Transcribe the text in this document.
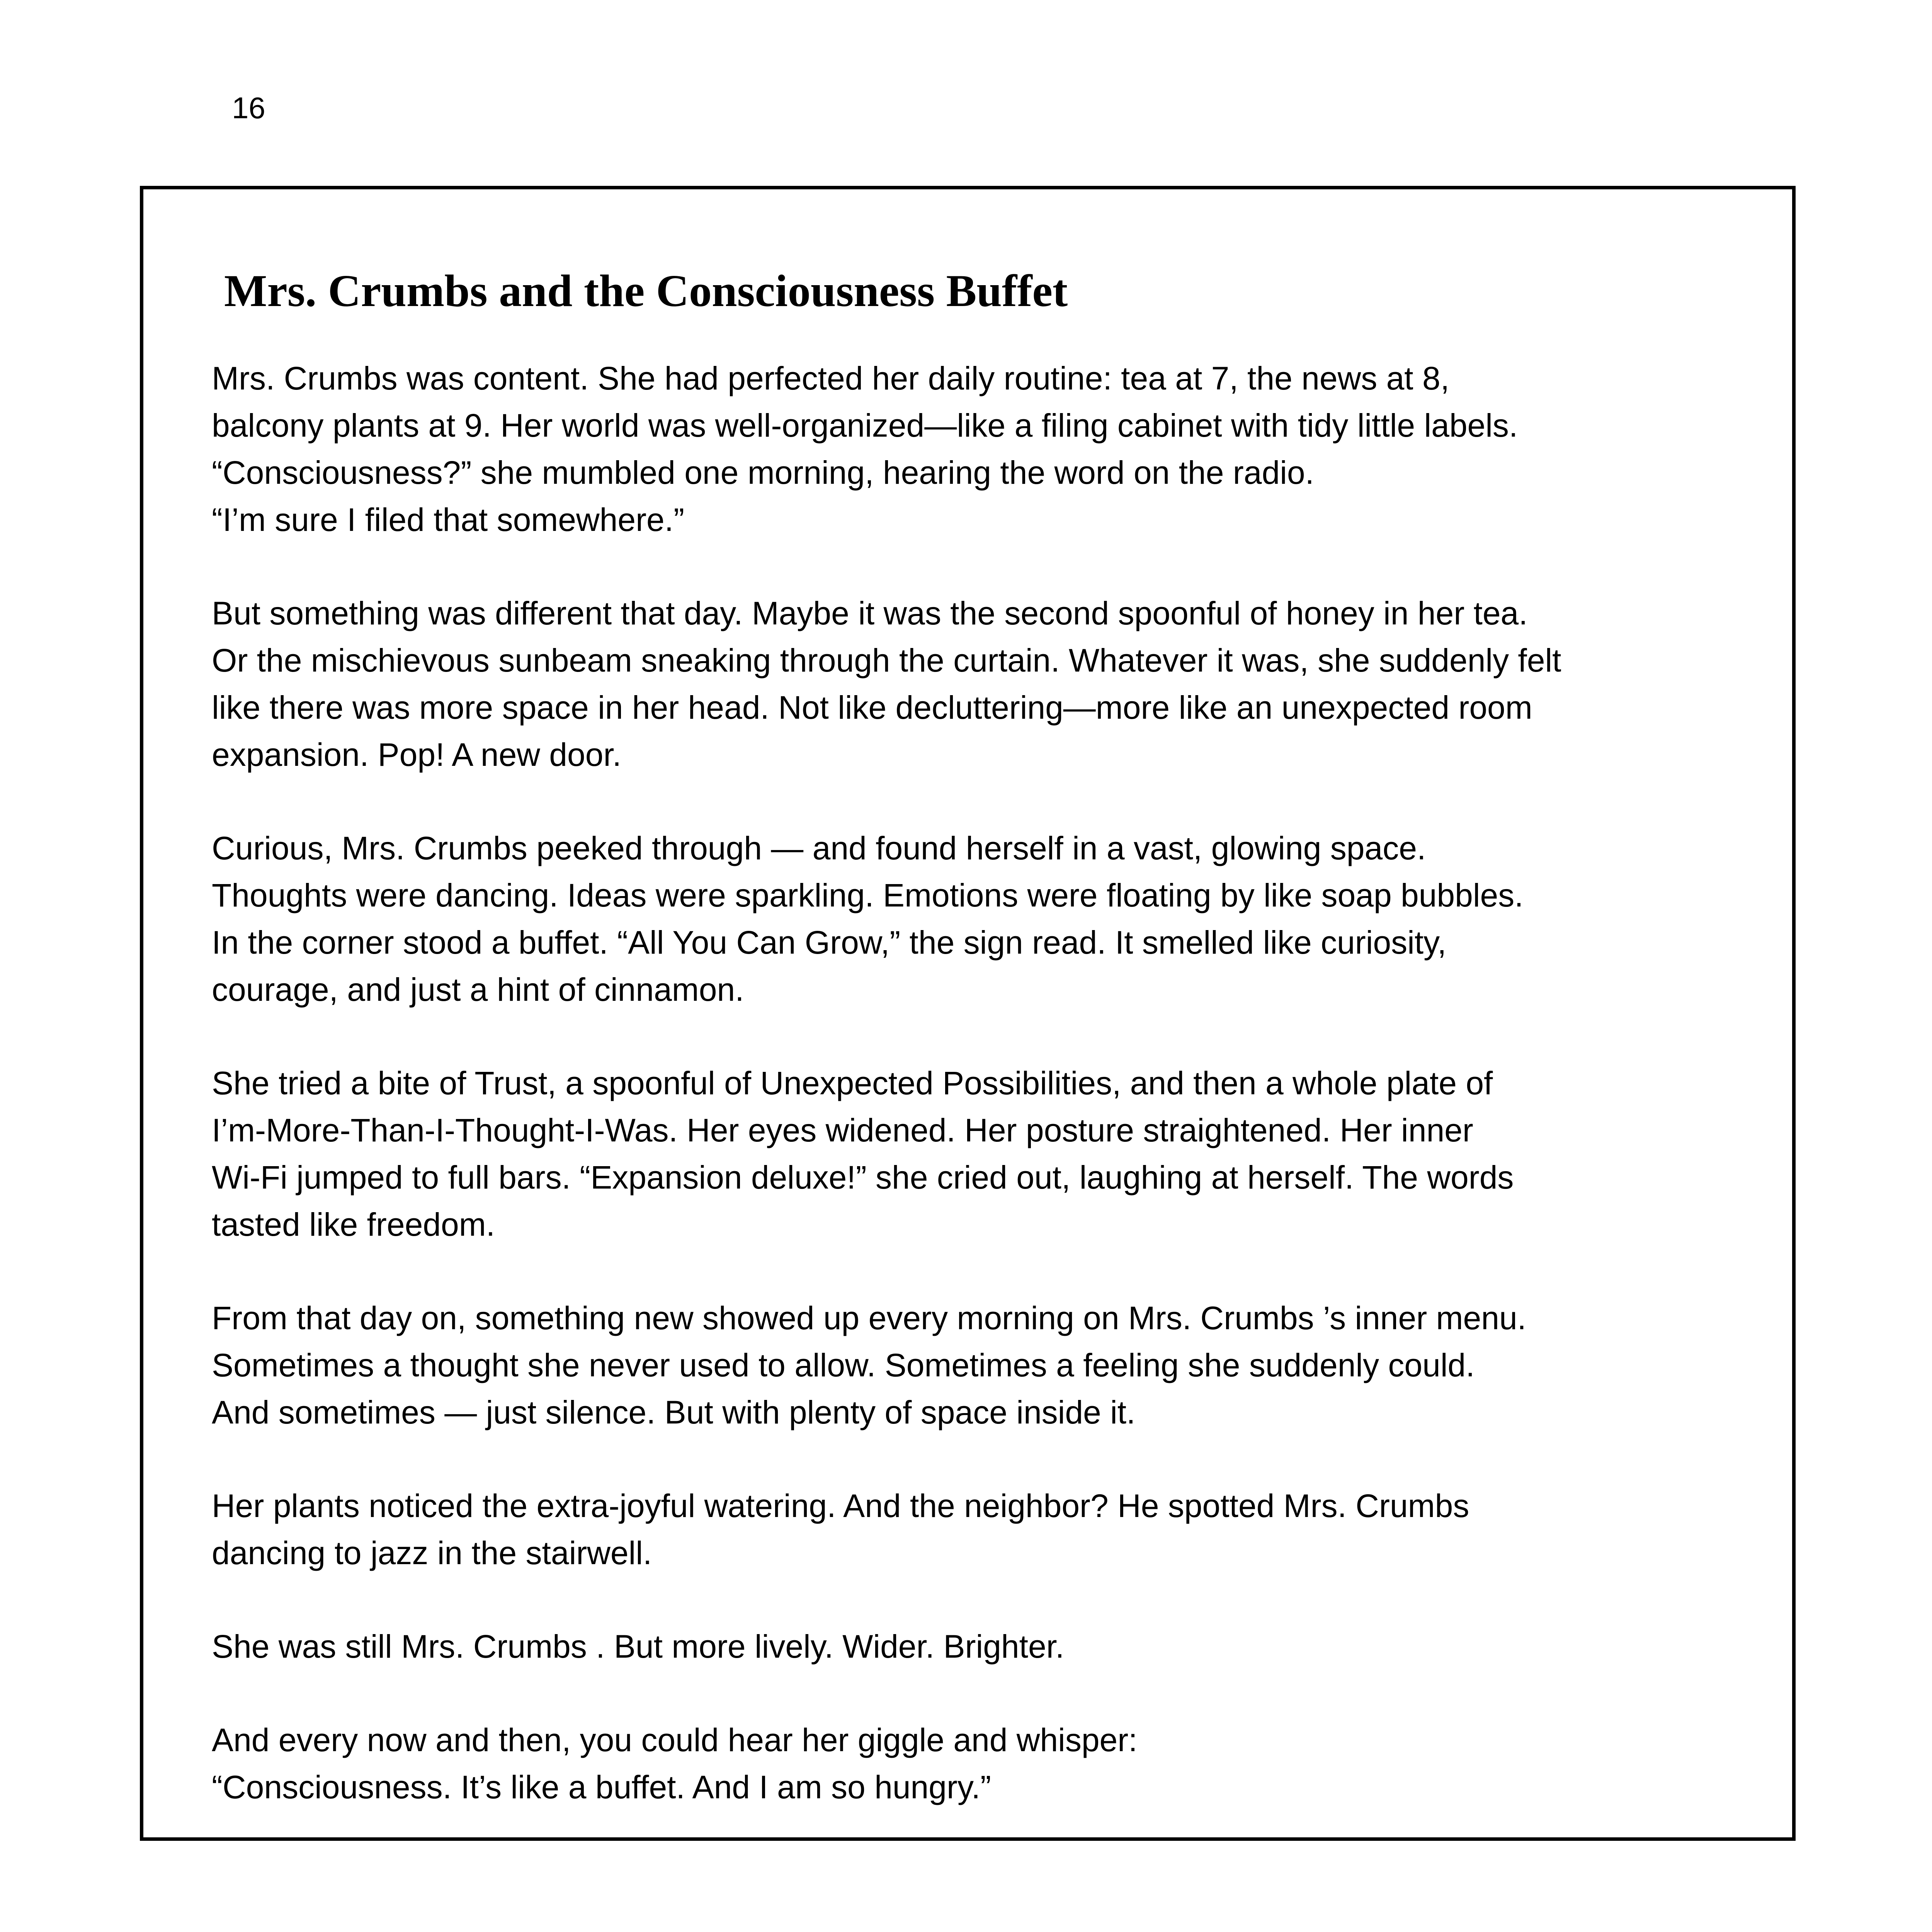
16
Mrs. Crumbs and the Consciousness Buffet

Mrs. Crumbs was content. She had perfected her daily routine: tea at 7, the news at 8,
balcony plants at 9. Her world was well-organized—like a filing cabinet with tidy little labels.
“Consciousness?” she mumbled one morning, hearing the word on the radio.
“I’m sure I filed that somewhere.”

But something was different that day. Maybe it was the second spoonful of honey in her tea.
Or the mischievous sunbeam sneaking through the curtain. Whatever it was, she suddenly felt
like there was more space in her head. Not like decluttering—more like an unexpected room
expansion. Pop! A new door.

Curious, Mrs. Crumbs peeked through — and found herself in a vast, glowing space.
Thoughts were dancing. Ideas were sparkling. Emotions were floating by like soap bubbles.
In the corner stood a buffet. “All You Can Grow,” the sign read. It smelled like curiosity,
courage, and just a hint of cinnamon.

She tried a bite of Trust, a spoonful of Unexpected Possibilities, and then a whole plate of
I’m-More-Than-I-Thought-I-Was. Her eyes widened. Her posture straightened. Her inner
Wi-Fi jumped to full bars. “Expansion deluxe!” she cried out, laughing at herself. The words
tasted like freedom.

From that day on, something new showed up every morning on Mrs. Crumbs ’s inner menu.
Sometimes a thought she never used to allow. Sometimes a feeling she suddenly could.
And sometimes — just silence. But with plenty of space inside it.

Her plants noticed the extra-joyful watering. And the neighbor? He spotted Mrs. Crumbs
dancing to jazz in the stairwell.

She was still Mrs. Crumbs . But more lively. Wider. Brighter.

And every now and then, you could hear her giggle and whisper:
“Consciousness. It’s like a buffet. And I am so hungry.”
